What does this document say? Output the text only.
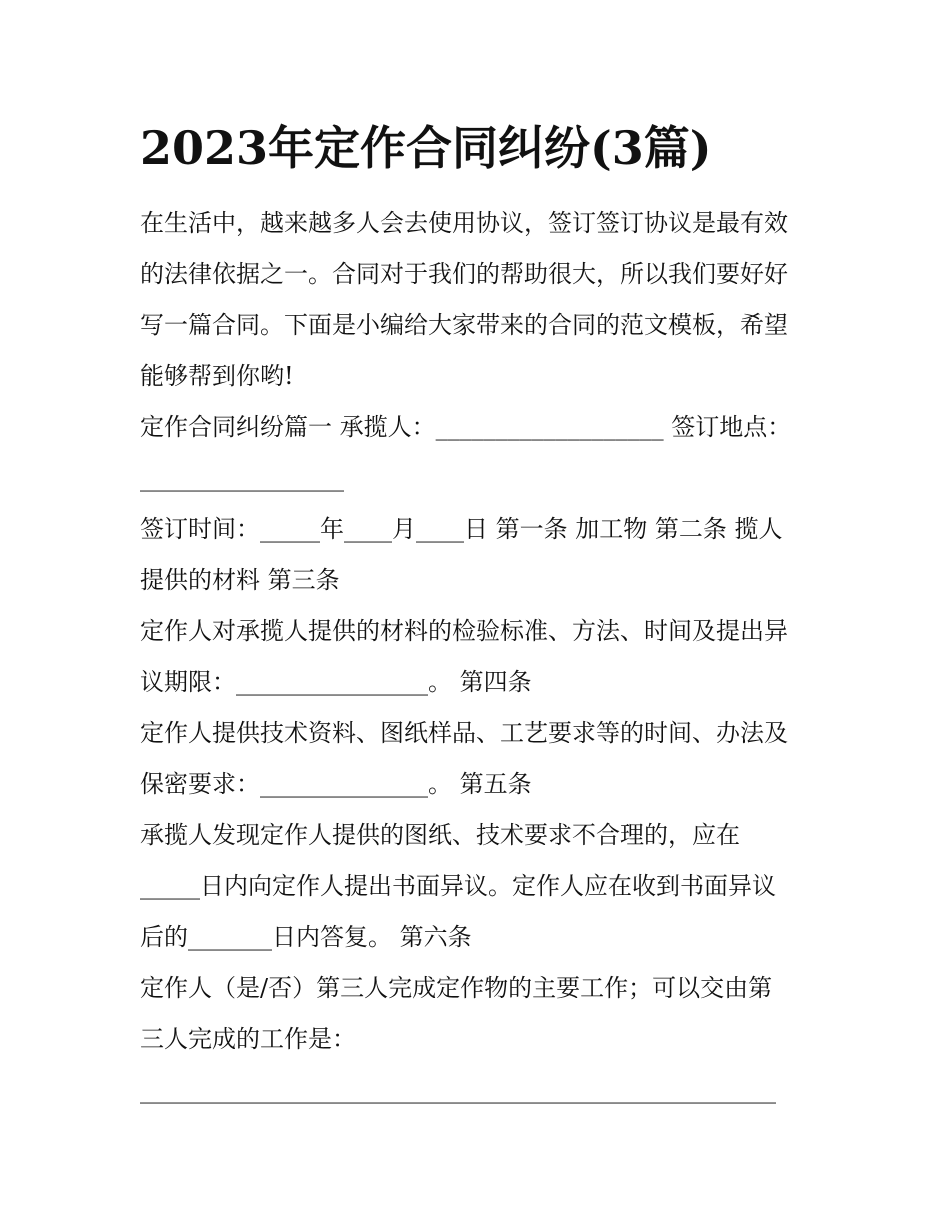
2023年定作合同纠纷(3篇)
在生活中，越来越多人会去使用协议，签订签订协议是最有效
的法律依据之一。合同对于我们的帮助很大，所以我们要好好
写一篇合同。下面是小编给大家带来的合同的范文模板，希望
能够帮到你哟!
定作合同纠纷篇一 承揽人：___________________ 签订地点：
_________________
签订时间：_____年____月____日 第一条 加工物 第二条 揽人
提供的材料 第三条
定作人对承揽人提供的材料的检验标准、方法、时间及提出异
议期限：________________。 第四条
定作人提供技术资料、图纸样品、工艺要求等的时间、办法及
保密要求：______________。 第五条
承揽人发现定作人提供的图纸、技术要求不合理的，应在
_____日内向定作人提出书面异议。定作人应在收到书面异议
后的_______日内答复。 第六条
定作人（是/否）第三人完成定作物的主要工作；可以交由第
三人完成的工作是：
_____________________________________________________
